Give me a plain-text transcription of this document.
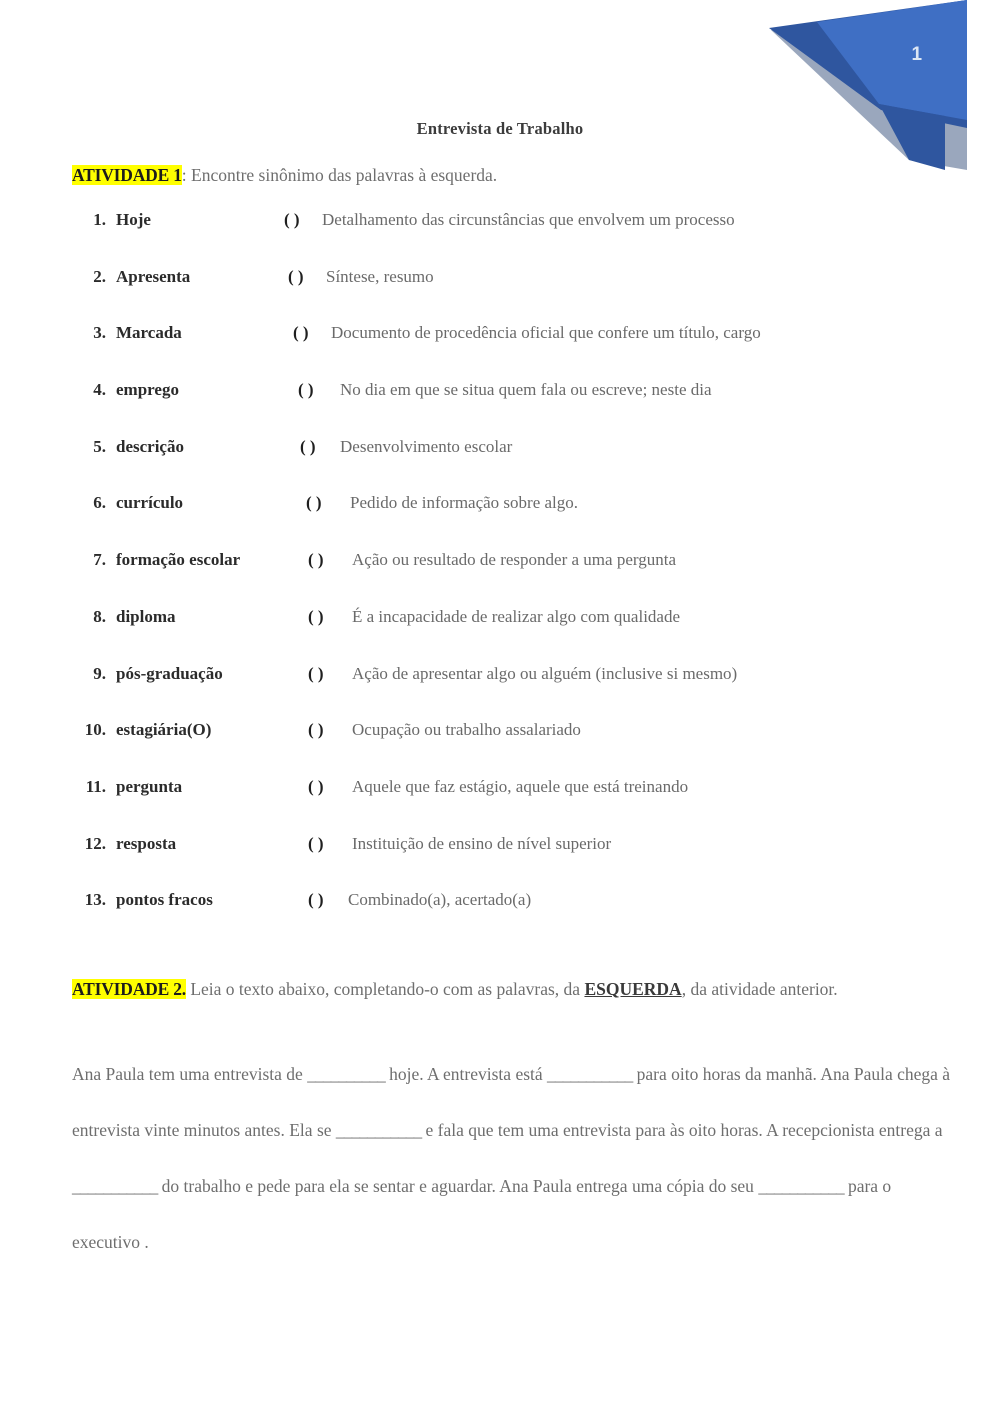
1
Entrevista de Trabalho
ATIVIDADE 1: Encontre sinônimo das palavras à esquerda.
1. Hoje	( ) Detalhamento das circunstâncias que envolvem um processo
2. Apresenta	( ) Síntese, resumo
3. Marcada	( ) Documento de procedência oficial que confere um título, cargo
4. emprego	( ) No dia em que se situa quem fala ou escreve; neste dia
5. descrição	( ) Desenvolvimento escolar
6. currículo	( ) Pedido de informação sobre algo.
7. formação escolar	( ) Ação ou resultado de responder a uma pergunta
8. diploma	( ) É a incapacidade de realizar algo com qualidade
9. pós-graduação	( ) Ação de apresentar algo ou alguém (inclusive si mesmo)
10. estagiária(O)	( ) Ocupação ou trabalho assalariado
11. pergunta	( ) Aquele que faz estágio, aquele que está treinando
12. resposta	( ) Instituição de ensino de nível superior
13. pontos fracos	( ) Combinado(a), acertado(a)
ATIVIDADE 2. Leia o texto abaixo, completando-o com as palavras, da ESQUERDA, da atividade anterior.
Ana Paula tem uma entrevista de __________ hoje. A entrevista está ___________ para oito horas da manhã. Ana Paula chega à entrevista vinte minutos antes. Ela se ___________ e fala que tem uma entrevista para às oito horas. A recepcionista entrega a ___________ do trabalho e pede para ela se sentar e aguardar. Ana Paula entrega uma cópia do seu ___________ para o executivo .
